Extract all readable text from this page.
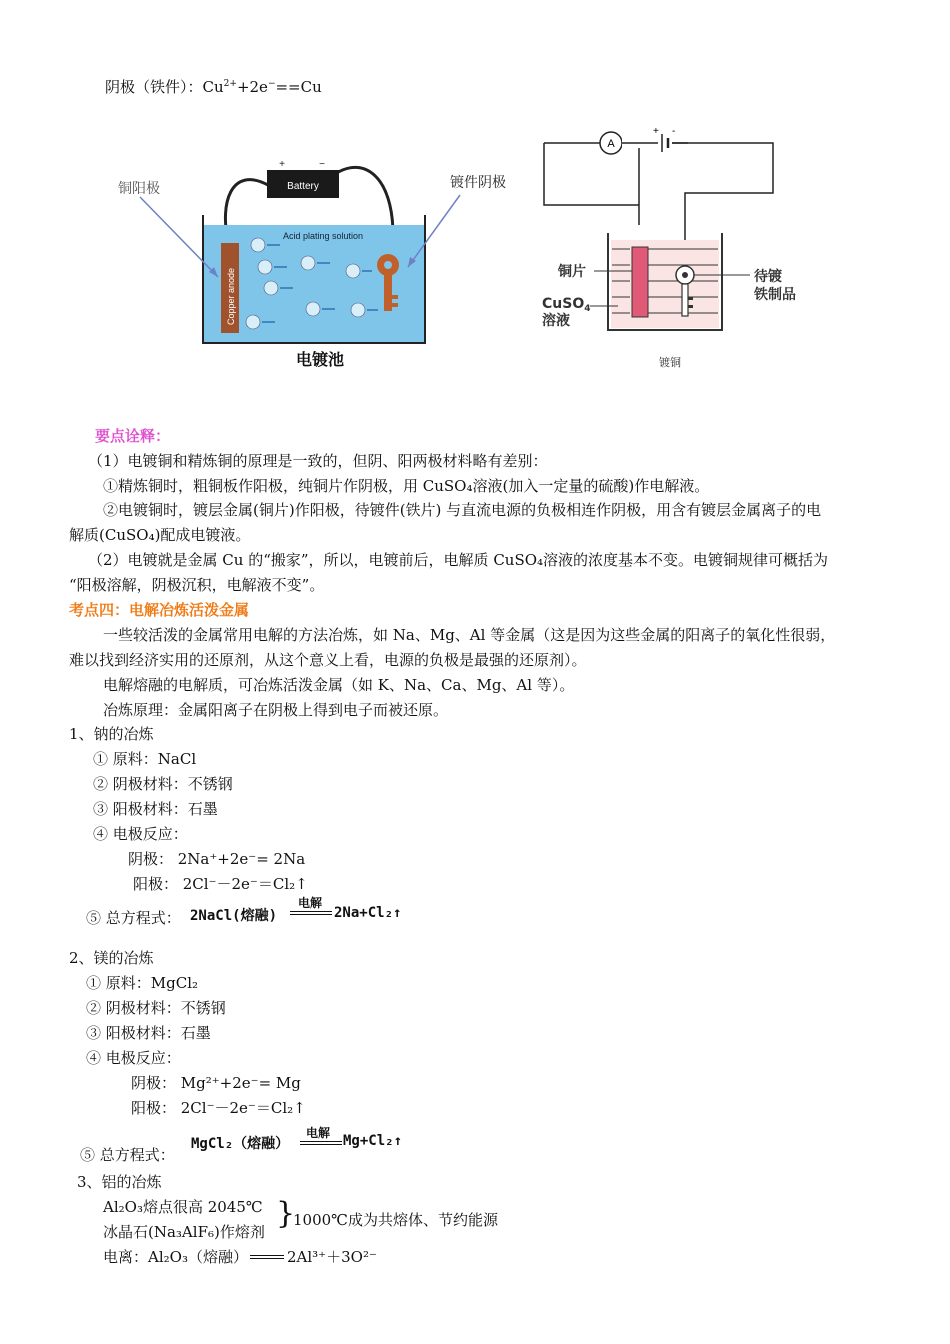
阴极（铁件）：$Cu^{2+}+2e^-==Cu$
Battery
+	−
Acid plating solution
Copper anode
铜阳极	镀件阴极
电镀池
A
+ -
铜片
CuSO$_4$
溶液
待镀
铁制品
镀铜
要点诠释：
（1）电镀铜和精炼铜的原理是一致的，但阴、阳两极材料略有差别：
①精炼铜时，粗铜板作阳极，纯铜片作阴极，用 CuSO₄溶液(加入一定量的硫酸)作电解液。
②电镀铜时，镀层金属(铜片)作阳极，待镀件(铁片) 与直流电源的负极相连作阴极，用含有镀层金属离子的电
解质(CuSO₄)配成电镀液。
（2）电镀就是金属 Cu 的“搬家”，所以，电镀前后，电解质 CuSO₄溶液的浓度基本不变。电镀铜规律可概括为
“阳极溶解，阴极沉积，电解液不变”。
考点四：电解冶炼活泼金属
一些较活泼的金属常用电解的方法冶炼，如 Na、Mg、Al 等金属（这是因为这些金属的阳离子的氧化性很弱，
难以找到经济实用的还原剂，从这个意义上看，电源的负极是最强的还原剂）。
电解熔融的电解质，可冶炼活泼金属（如 K、Na、Ca、Mg、Al 等）。
冶炼原理：金属阳离子在阴极上得到电子而被还原。
1、钠的冶炼
① 原料：NaCl
② 阴极材料：不锈钢
③ 阳极材料：石墨
④ 电极反应：
阴极： 2Na⁺+2e⁻= 2Na
阳极： 2Cl⁻－2e⁻＝Cl₂↑
⑤ 总方程式： 2NaCl(熔融)
电解
2Na+Cl₂↑
2、镁的冶炼
① 原料：MgCl₂
② 阴极材料：不锈钢
③ 阳极材料：石墨
④ 电极反应：
阴极： Mg²⁺+2e⁻= Mg
阳极： 2Cl⁻－2e⁻＝Cl₂↑
MgCl₂（熔融）
电解 Mg+Cl₂↑
⑤ 总方程式：
3、铝的冶炼
Al₂O₃熔点很高 2045℃
冰晶石(Na₃AlF₆)作熔剂
}
1000℃成为共熔体、节约能源
电离：Al₂O₃（熔融）	2Al³⁺＋3O²⁻
